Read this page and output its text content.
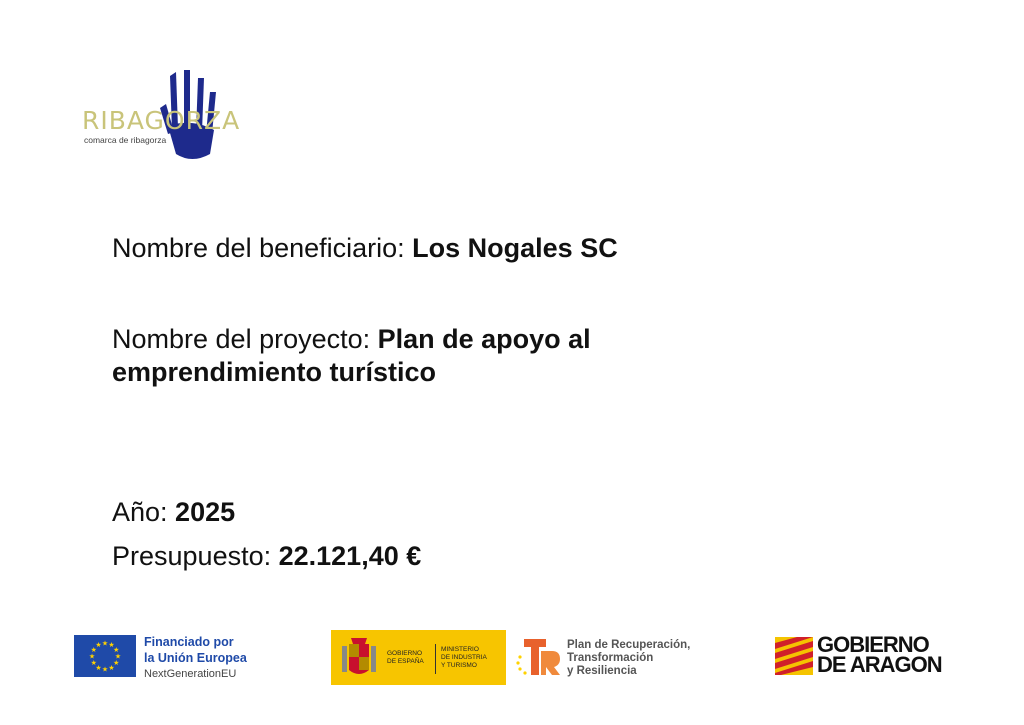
RIBAGORZA
comarca de ribagorza
Nombre del beneficiario: Los Nogales SC
Nombre del proyecto: Plan de apoyo al emprendimiento turístico
Año: 2025
Presupuesto: 22.121,40 €
★
★
★
★
★
★
★
★
★ ★ ★
★
Financiado por
la Unión Europea
NextGenerationEU
GOBIERNO
DE ESPAÑA
MINISTERIO
DE INDUSTRIA
Y TURISMO
Plan de Recuperación,
Transformación
y Resiliencia
GOBIERNO
DE ARAGON
